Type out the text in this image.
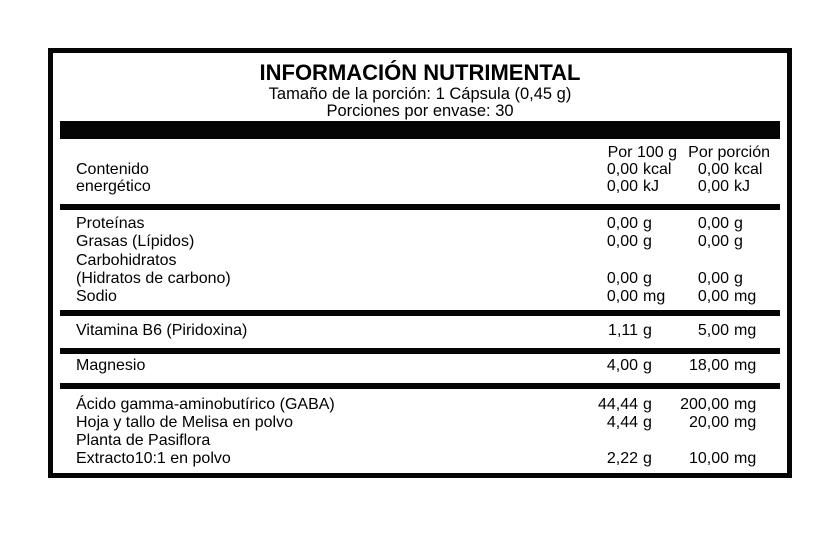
INFORMACIÓN NUTRIMENTAL
Tamaño de la porción: 1 Cápsula (0,45 g)
Porciones por envase: 30
Por 100 g Por porción
Contenido	0,00 kcal	0,00 kcal
energético	0,00 kJ	0,00 kJ
Proteínas	0,00 g	0,00 g
Grasas (Lípidos)	0,00 g	0,00 g
Carbohidratos
(Hidratos de carbono)	0,00 g	0,00 g
Sodio	0,00 mg	0,00 mg
Vitamina B6 (Piridoxina)	1,11 g	5,00 mg
Magnesio	4,00 g	18,00 mg
Ácido gamma-aminobutírico (GABA)	44,44 g	200,00 mg
Hoja y tallo de Melisa en polvo	4,44 g	20,00 mg
Planta de Pasiflora
Extracto10:1 en polvo	2,22 g	10,00 mg
